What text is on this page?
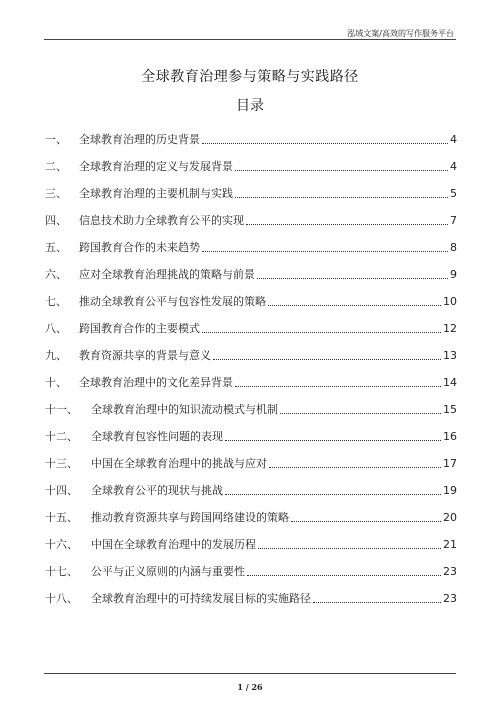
泓域文案/高效的写作服务平台
全球教育治理参与策略与实践路径
目录
一、	全球教育治理的历史背景	4
二、	全球教育治理的定义与发展背景	4
三、	全球教育治理的主要机制与实践	5
四、	信息技术助力全球教育公平的实现	7
五、	跨国教育合作的未来趋势	8
六、	应对全球教育治理挑战的策略与前景	9
七、	推动全球教育公平与包容性发展的策略	10
八、	跨国教育合作的主要模式	12
九、	教育资源共享的背景与意义	13
十、	全球教育治理中的文化差异背景	14
十一、	全球教育治理中的知识流动模式与机制	15
十二、	全球教育包容性问题的表现	16
十三、	中国在全球教育治理中的挑战与应对	17
十四、	全球教育公平的现状与挑战	19
十五、	推动教育资源共享与跨国网络建设的策略	20
十六、	中国在全球教育治理中的发展历程	21
十七、	公平与正义原则的内涵与重要性	23
十八、	全球教育治理中的可持续发展目标的实施路径	23
1 / 26
